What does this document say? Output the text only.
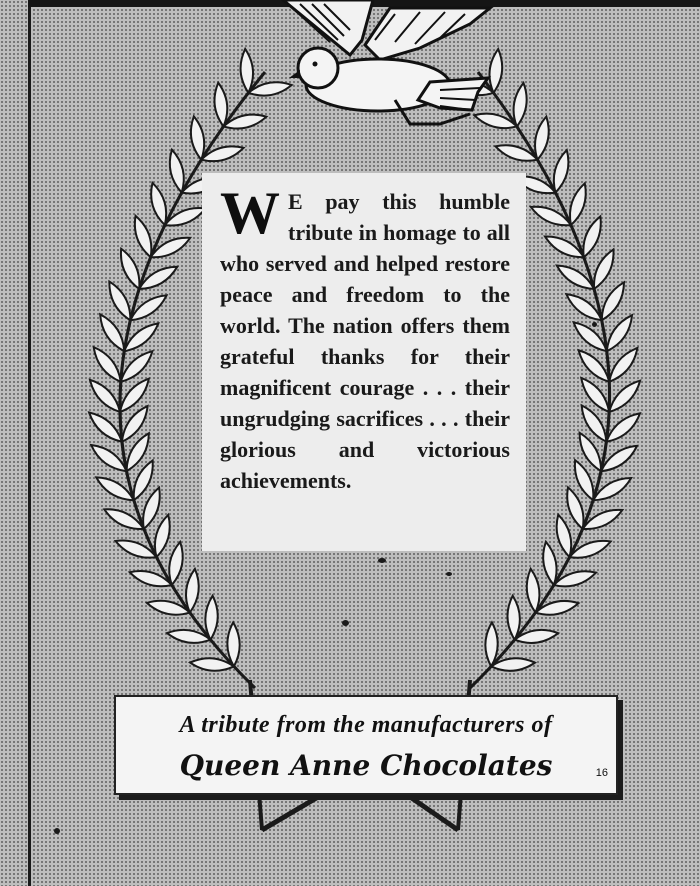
W E pay this humble tribute in homage to all who served and helped restore peace and freedom to the world. The nation offers them grateful thanks for their magnificent courage . . . their ungrudging sacrifices . . . their glorious and victorious achievements.
A tribute from the manufacturers of
Queen Anne Chocolates	16
